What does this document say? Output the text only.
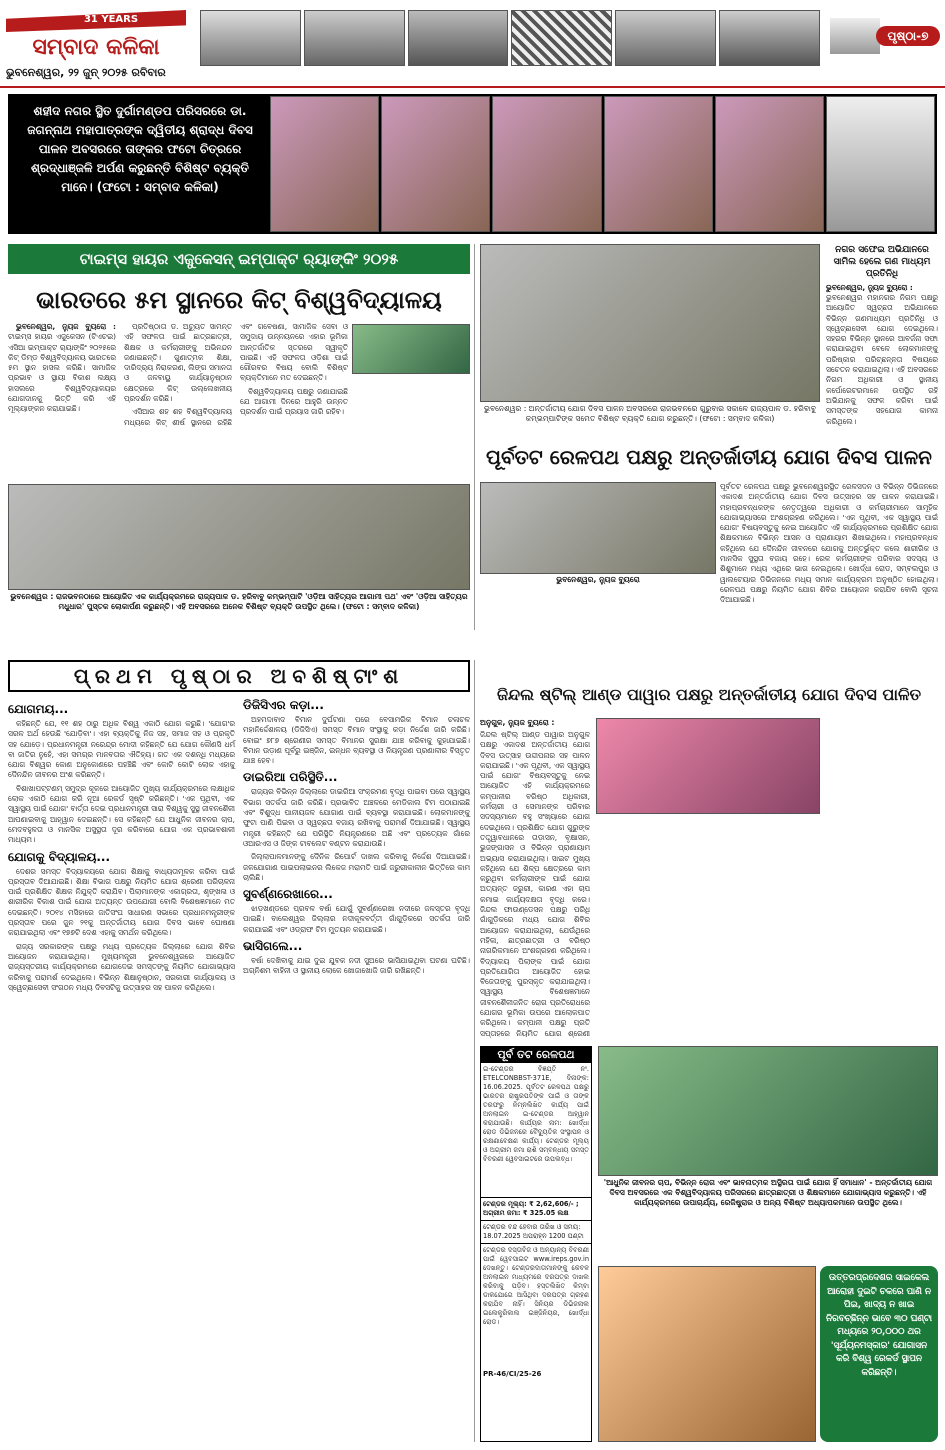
31 YEARS
ସମ୍ବାଦ କଳିକା
ଭୁବନେଶ୍ୱର, ୨୨ ଜୁନ୍ ୨୦୨୫ ରବିବାର
ପୃଷ୍ଠା-୭
ଶହୀଦ ନଗର ସ୍ଥିତ ଦୁର୍ଗାମଣ୍ଡପ ପରିସରରେ ଡା. ଜଗନ୍ନାଥ ମହାପାତ୍ରଙ୍କ ଦ୍ୱିତୀୟ ଶ୍ରାଦ୍ଧ ଦିବସ ପାଳନ ଅବସରରେ ତାଙ୍କର ଫଟୋ ଚିତ୍ରରେ ଶ୍ରଦ୍ଧାଞ୍ଜଳି ଅର୍ପଣ କରୁଛନ୍ତି ବିଶିଷ୍ଟ ବ୍ୟକ୍ତି ମାନେ। (ଫଟୋ : ସମ୍ବାଦ କଳିକା)
ଟାଇମ୍ସ ହାୟର ଏଜୁକେସନ୍ ଇମ୍ପାକ୍ଟ ର୍‍ୟାଙ୍କିଂ ୨୦୨୫
ଭାରତରେ ୫ମ ସ୍ଥାନରେ କିଟ୍ ବିଶ୍ୱବିଦ୍ୟାଳୟ

ଭୁବନେଶ୍ୱର, ନ୍ୟୁଜ ବ୍ୟୁରୋ : ଟାଇମ୍ସ ହାୟର ଏଜୁକେସନ (ଟିଏଚଇ) ଏସିଆ ଇମ୍ପାକ୍ଟ ର୍‍ୟାଙ୍କିଂ ୨୦୨୫ରେ କିଟ୍ ଡିମ୍ଡ ବିଶ୍ୱବିଦ୍ୟାଳୟ ଭାରତରେ ୫ମ ସ୍ଥାନ ହାସଲ କରିଛି। ସାମାଜିକ ପ୍ରଭାବ ଓ ସ୍ଥାୟୀ ବିକାଶ ଲକ୍ଷ୍ୟ ହାସଲରେ ବିଶ୍ୱବିଦ୍ୟାଳୟର ଯୋଗଦାନକୁ ଭିତ୍ତି କରି ଏହି ମୂଲ୍ୟାଙ୍କନ କରାଯାଇଛି।

ପ୍ରତିଷ୍ଠାତା ଡ. ଅଚ୍ୟୁତ ସାମନ୍ତ ଏହି ସଫଳତା ପାଇଁ ଛାତ୍ରଛାତ୍ରୀ, ଶିକ୍ଷକ ଓ କର୍ମଚାରୀଙ୍କୁ ଅଭିନନ୍ଦନ ଜଣାଇଛନ୍ତି। ଗୁଣାତ୍ମକ ଶିକ୍ଷା, ଦାରିଦ୍ର୍ୟ ନିରାକରଣ, ଲିଙ୍ଗ ସମାନତା ଓ ଜଳବାୟୁ କାର୍ଯ୍ୟାନୁଷ୍ଠାନ କ୍ଷେତ୍ରରେ କିଟ୍ ଉଲ୍ଲେଖନୀୟ ପ୍ରଦର୍ଶନ କରିଛି।

ଏସିଆର ଶହ ଶହ ବିଶ୍ୱବିଦ୍ୟାଳୟ ମଧ୍ୟରେ କିଟ୍ ଶୀର୍ଷ ସ୍ଥାନରେ ରହିଛି ଏବଂ ଗବେଷଣା, ସାମାଜିକ ସେବା ଓ ସମୁଦାୟ ଉନ୍ନୟନରେ ଏହାର ଭୂମିକା ଆନ୍ତର୍ଜାତିକ ସ୍ତରରେ ସ୍ୱୀକୃତି ପାଇଛି। ଏହି ସଫଳତା ଓଡ଼ିଶା ପାଇଁ ଗୌରବର ବିଷୟ ବୋଲି ବିଶିଷ୍ଟ ବ୍ୟକ୍ତିମାନେ ମତ ଦେଇଛନ୍ତି।

ବିଶ୍ୱବିଦ୍ୟାଳୟ ପକ୍ଷରୁ ଜଣାଯାଇଛି ଯେ ଆଗାମୀ ଦିନରେ ଆହୁରି ଉନ୍ନତ ପ୍ରଦର୍ଶନ ପାଇଁ ପ୍ରୟାସ ଜାରି ରହିବ।

ଭୁବନେଶ୍ୱର : ରାଜଭବନଠାରେ ଆୟୋଜିତ ଏକ କାର୍ଯ୍ୟକ୍ରମରେ ରାଜ୍ୟପାଳ ଡ. ହରିବାବୁ କମ୍ଭମ୍ପାଟି 'ଓଡ଼ିଆ ସାହିତ୍ୟର ଆଗାମୀ ପଥ' ଏବଂ 'ଓଡ଼ିଆ ସାହିତ୍ୟର ମଧୁଧାର' ପୁସ୍ତକ ଲୋକାର୍ପଣ କରୁଛନ୍ତି। ଏହି ଅବସରରେ ଅନେକ ବିଶିଷ୍ଟ ବ୍ୟକ୍ତି ଉପସ୍ଥିତ ଥିଲେ। (ଫଟୋ : ସମ୍ବାଦ କଳିକା)
ଭୁବନେଶ୍ୱର : ଅନ୍ତର୍ଜାତୀୟ ଯୋଗ ଦିବସ ପାଳନ ଅବସରରେ ରାଜଭବନରେ ଗୁରୁବାର ସକାଳେ ରାଜ୍ୟପାଳ ଡ. ହରିବାବୁ କମ୍ଭମ୍ପାଟିଙ୍କ ସମେତ ବିଶିଷ୍ଟ ବ୍ୟକ୍ତି ଯୋଗ କରୁଛନ୍ତି। (ଫଟୋ : ସମ୍ବାଦ କଳିକା)
ନଗର ସଫେଇ ଅଭିଯାନରେ ସାମିଲ ହେଲେ ଗଣ ମାଧ୍ୟମ ପ୍ରତିନିଧି
ଭୁବନେଶ୍ୱର, ନ୍ୟୁଜ ବ୍ୟୁରୋ :
ଭୁବନେଶ୍ୱର ମହାନଗର ନିଗମ ପକ୍ଷରୁ ଆୟୋଜିତ ସ୍ୱଚ୍ଛତା ଅଭିଯାନରେ ବିଭିନ୍ନ ଗଣମାଧ୍ୟମ ପ୍ରତିନିଧି ଓ ସ୍ୱେଚ୍ଛାସେବୀ ଯୋଗ ଦେଇଥିଲେ। ସହରର ବିଭିନ୍ନ ସ୍ଥାନରେ ଆବର୍ଜନା ସଫା କରାଯାଇଥିବା ବେଳେ ଲୋକମାନଙ୍କୁ ପରିଷ୍କାର ପରିଚ୍ଛନ୍ନତା ବିଷୟରେ ସଚେତନ କରାଯାଇଥିଲା। ଏହି ଅବସରରେ ନିଗମ ଅଧିକାରୀ ଓ ସ୍ଥାନୀୟ କର୍ପୋରେଟରମାନେ ଉପସ୍ଥିତ ରହି ଅଭିଯାନକୁ ସଫଳ କରିବା ପାଇଁ ସମସ୍ତଙ୍କ ସହଯୋଗ କାମନା କରିଥିଲେ।
ପୂର୍ବତଟ ରେଳପଥ ପକ୍ଷରୁ ଅନ୍ତର୍ଜାତୀୟ ଯୋଗ ଦିବସ ପାଳନ
ଭୁବନେଶ୍ୱର, ନ୍ୟୁଜ ବ୍ୟୁରୋ
ପୂର୍ବତଟ ରେଳପଥ ପକ୍ଷରୁ ଭୁବନେଶ୍ୱରସ୍ଥିତ ରେଳସଦନ ଓ ବିଭିନ୍ନ ଡିଭିଜନରେ ଏକାଦଶ ଅନ୍ତର୍ଜାତୀୟ ଯୋଗ ଦିବସ ଉତ୍ସାହର ସହ ପାଳନ କରାଯାଇଛି। ମହାପ୍ରବନ୍ଧକଙ୍କ ନେତୃତ୍ୱରେ ଅଧିକାରୀ ଓ କର୍ମଚାରୀମାନେ ସାମୂହିକ ଯୋଗାଭ୍ୟାସରେ ଅଂଶଗ୍ରହଣ କରିଥିଲେ। 'ଏକ ପୃଥିବୀ, ଏକ ସ୍ୱାସ୍ଥ୍ୟ ପାଇଁ ଯୋଗ' ବିଷୟବସ୍ତୁକୁ ନେଇ ଆୟୋଜିତ ଏହି କାର୍ଯ୍ୟକ୍ରମରେ ପ୍ରଶିକ୍ଷିତ ଯୋଗ ଶିକ୍ଷକମାନେ ବିଭିନ୍ନ ଆସନ ଓ ପ୍ରାଣାୟାମ ଶିଖାଇଥିଲେ। ମହାପ୍ରବନ୍ଧକ କହିଥିଲେ ଯେ ଦୈନନ୍ଦିନ ଜୀବନରେ ଯୋଗକୁ ଅନ୍ତର୍ଭୁକ୍ତ କଲେ ଶାରୀରିକ ଓ ମାନସିକ ସୁସ୍ଥତା ବଜାୟ ରହେ। ରେଳ କର୍ମଚାରୀଙ୍କ ପରିବାର ସଦସ୍ୟ ଓ ଶିଶୁମାନେ ମଧ୍ୟ ଏଥିରେ ଭାଗ ନେଇଥିଲେ। ଖୋର୍ଦ୍ଧା ରୋଡ, ସମ୍ବଲପୁର ଓ ୱାଲଟେୟାର ଡିଭିଜନରେ ମଧ୍ୟ ସମାନ କାର୍ଯ୍ୟକ୍ରମ ଅନୁଷ୍ଠିତ ହୋଇଥିଲା। ରେଳପଥ ପକ୍ଷରୁ ନିୟମିତ ଯୋଗ ଶିବିର ଆୟୋଜନ କରାଯିବ ବୋଲି ସୂଚନା ଦିଆଯାଇଛି।
ପ୍ରଥମ ପୃଷ୍ଠାର ଅବଶିଷ୍ଟାଂଶ
ଯୋଗମୟ...

କହିଛନ୍ତି ଯେ, ୧୧ ଶହ ଠାରୁ ଅଧିକ ବିଶ୍ୱ ଏକାଠି ଯୋଗ କରୁଛି। 'ଯୋଗ'ର ସରଳ ଅର୍ଥ ହେଉଛି 'ଯୋଡ଼ିବା'। ଏହା ବ୍ୟକ୍ତିକୁ ନିଜ ସହ, ସମାଜ ସହ ଓ ପ୍ରକୃତି ସହ ଯୋଡ଼େ। ପ୍ରଧାନମନ୍ତ୍ରୀ ନରେନ୍ଦ୍ର ମୋଦୀ କହିଛନ୍ତି ଯେ ଯୋଗ କୌଣସି ଧର୍ମ ବା ଜାତିର ନୁହେଁ, ଏହା ସମଗ୍ର ମାନବତାର ଐତିହ୍ୟ। ଗତ ଏକ ଦଶନ୍ଧି ମଧ୍ୟରେ ଯୋଗ ବିଶ୍ୱର କୋଣ ଅନୁକୋଣରେ ପହଞ୍ଚିଛି ଏବଂ କୋଟି କୋଟି ଲୋକ ଏହାକୁ ଦୈନନ୍ଦିନ ଜୀବନର ଅଂଶ କରିଛନ୍ତି।

ବିଶାଖାପଟ୍ଟଣମ୍ ସମୁଦ୍ର କୂଳରେ ଆୟୋଜିତ ମୁଖ୍ୟ କାର୍ଯ୍ୟକ୍ରମରେ ଲକ୍ଷାଧିକ ଲୋକ ଏକାଠି ଯୋଗ କରି ନୂଆ ରେକର୍ଡ ସୃଷ୍ଟି କରିଛନ୍ତି। 'ଏକ ପୃଥିବୀ, ଏକ ସ୍ୱାସ୍ଥ୍ୟ ପାଇଁ ଯୋଗ' ବାର୍ତ୍ତା ଦେଇ ପ୍ରଧାନମନ୍ତ୍ରୀ ସାରା ବିଶ୍ୱକୁ ସୁସ୍ଥ ଜୀବନଶୈଳୀ ଆପଣାଇବାକୁ ଆହ୍ୱାନ ଦେଇଛନ୍ତି। ସେ କହିଛନ୍ତି ଯେ ଆଧୁନିକ ଜୀବନର ଚାପ, ମେଦବହୁଳତା ଓ ମାନସିକ ଅସୁସ୍ଥତା ଦୂର କରିବାରେ ଯୋଗ ଏକ ପ୍ରଭାବଶାଳୀ ମାଧ୍ୟମ।

ଯୋଗକୁ ବିଦ୍ୟାଳୟ...

ଦେଶର ସମସ୍ତ ବିଦ୍ୟାଳୟରେ ଯୋଗ ଶିକ୍ଷାକୁ ବାଧ୍ୟତାମୂଳକ କରିବା ପାଇଁ ପ୍ରସ୍ତାବ ଦିଆଯାଇଛି। ଶିକ୍ଷା ବିଭାଗ ପକ୍ଷରୁ ନିୟମିତ ଯୋଗ ଶ୍ରେଣୀ ପରିଚାଳନା ପାଇଁ ପ୍ରଶିକ୍ଷିତ ଶିକ୍ଷକ ନିଯୁକ୍ତି କରାଯିବ। ପିଲାମାନଙ୍କ ଏକାଗ୍ରତା, ଶୃଙ୍ଖଳା ଓ ଶାରୀରିକ ବିକାଶ ପାଇଁ ଯୋଗ ଅତ୍ୟନ୍ତ ଉପଯୋଗୀ ବୋଲି ବିଶେଷଜ୍ଞମାନେ ମତ ଦେଇଛନ୍ତି। ୨୦୧୪ ମସିହାରେ ଜାତିସଂଘ ସାଧାରଣ ସଭାରେ ପ୍ରଧାନମନ୍ତ୍ରୀଙ୍କ ପ୍ରସ୍ତାବ ପରେ ଜୁନ ୨୧କୁ ଅନ୍ତର୍ଜାତୀୟ ଯୋଗ ଦିବସ ଭାବେ ଘୋଷଣା କରାଯାଇଥିଲା ଏବଂ ୧୭୭ଟି ଦେଶ ଏହାକୁ ସମର୍ଥନ କରିଥିଲେ।

ରାଜ୍ୟ ସରକାରଙ୍କ ପକ୍ଷରୁ ମଧ୍ୟ ପ୍ରତ୍ୟେକ ଜିଲ୍ଲାରେ ଯୋଗ ଶିବିର ଆୟୋଜନ କରାଯାଇଥିଲା। ମୁଖ୍ୟମନ୍ତ୍ରୀ ଭୁବନେଶ୍ୱରରେ ଆୟୋଜିତ ରାଜ୍ୟସ୍ତରୀୟ କାର୍ଯ୍ୟକ୍ରମରେ ଯୋଗଦେଇ ସମସ୍ତଙ୍କୁ ନିୟମିତ ଯୋଗାଭ୍ୟାସ କରିବାକୁ ପରାମର୍ଶ ଦେଇଥିଲେ। ବିଭିନ୍ନ ଶିକ୍ଷାନୁଷ୍ଠାନ, ସରକାରୀ କାର୍ଯ୍ୟାଳୟ ଓ ସ୍ୱେଚ୍ଛାସେବୀ ସଂଗଠନ ମଧ୍ୟ ଦିବସଟିକୁ ଉତ୍ସାହର ସହ ପାଳନ କରିଥିଲେ।

ଡିଜିସିଏର କଡ଼ା...

ଅହମଦାବାଦ ବିମାନ ଦୁର୍ଘଟଣା ପରେ ବେସାମରିକ ବିମାନ ଚଳାଚଳ ମହାନିର୍ଦ୍ଦେଶାଳୟ (ଡିଜିସିଏ) ସମସ୍ତ ବିମାନ ସଂସ୍ଥାକୁ କଡ଼ା ନିର୍ଦ୍ଦେଶ ଜାରି କରିଛି। ବୋଇଂ ୭୮୭ ଶ୍ରେଣୀର ସମସ୍ତ ବିମାନର ସୁରକ୍ଷା ଯାଞ୍ଚ କରିବାକୁ କୁହାଯାଇଛି। ବିମାନ ଉଡ଼ାଣ ପୂର୍ବରୁ ଇଞ୍ଜିନ, ଇନ୍ଧନ ବ୍ୟବସ୍ଥା ଓ ନିୟନ୍ତ୍ରଣ ପ୍ରଣାଳୀର ବିସ୍ତୃତ ଯାଞ୍ଚ ହେବ।

ଡାଇରିଆ ପରିସ୍ଥିତି...

ରାଜ୍ୟର ବିଭିନ୍ନ ଜିଲ୍ଲାରେ ଡାଇରିଆ ସଂକ୍ରମଣ ବୃଦ୍ଧି ପାଇବା ପରେ ସ୍ୱାସ୍ଥ୍ୟ ବିଭାଗ ସତର୍କତା ଜାରି କରିଛି। ପ୍ରଭାବିତ ଅଞ୍ଚଳରେ ମେଡିକାଲ ଟିମ ପଠାଯାଇଛି ଏବଂ ବିଶୁଦ୍ଧ ପାନୀୟଜଳ ଯୋଗାଣ ପାଇଁ ବ୍ୟବସ୍ଥା କରାଯାଇଛି। ଲୋକମାନଙ୍କୁ ଫୁଟା ପାଣି ପିଇବା ଓ ସ୍ୱଚ୍ଛତା ବଜାୟ ରଖିବାକୁ ପରାମର୍ଶ ଦିଆଯାଇଛି। ସ୍ୱାସ୍ଥ୍ୟ ମନ୍ତ୍ରୀ କହିଛନ୍ତି ଯେ ପରିସ୍ଥିତି ନିୟନ୍ତ୍ରଣରେ ଅଛି ଏବଂ ପ୍ରତ୍ୟେକ ଗାଁରେ ଓଆରଏସ ଓ ଜିଙ୍କ ଟାବଲେଟ ବଣ୍ଟନ କରାଯାଉଛି।

ଜିଲ୍ଲାପାଳମାନଙ୍କୁ ଦୈନିକ ରିପୋର୍ଟ ଦାଖଲ କରିବାକୁ ନିର୍ଦ୍ଦେଶ ଦିଆଯାଇଛି। ଜଳଯୋଗାଣ ପାଇପଲାଇନର ଲିକେଜ ମରାମତି ପାଇଁ ଜରୁରୀକାଳୀନ ଭିତ୍ତିରେ କାମ ଚାଲିଛି।

ସୁବର୍ଣ୍ଣରେଖାରେ...

ଝାଡ଼ଖଣ୍ଡରେ ପ୍ରବଳ ବର୍ଷା ଯୋଗୁଁ ସୁବର୍ଣ୍ଣରେଖା ନଦୀରେ ଜଳସ୍ତର ବୃଦ୍ଧି ପାଇଛି। ବାଲେଶ୍ୱର ଜିଲ୍ଲାର ନଦୀକୂଳବର୍ତ୍ତୀ ଗାଁଗୁଡ଼ିକରେ ସତର୍କତା ଜାରି କରାଯାଇଛି ଏବଂ ଓଡ୍ରାଫ ଟିମ ମୁତୟନ କରାଯାଇଛି।

ଭାସିଗଲେ...

ବର୍ଷା ଦେଖିବାକୁ ଯାଇ ଦୁଇ ଯୁବକ ନଦୀ ସୁଅରେ ଭାସିଯାଇଥିବା ଘଟଣା ଘଟିଛି। ଅଗ୍ନିଶମ ବାହିନୀ ଓ ସ୍ଥାନୀୟ ଲୋକେ ଖୋଜାଖୋଜି ଜାରି ରଖିଛନ୍ତି।

ଜିନ୍ଦଲ ଷ୍ଟିଲ୍ ଆଣ୍ଡ ପାୱାର ପକ୍ଷରୁ ଅନ୍ତର୍ଜାତୀୟ ଯୋଗ ଦିବସ ପାଳିତ
ଅନୁଗୁଳ, ନ୍ୟୁଜ ବ୍ୟୁରୋ :
ଜିନ୍ଦଲ ଷ୍ଟିଲ୍ ଆଣ୍ଡ ପାୱାର ଅନୁଗୁଳ ପକ୍ଷରୁ ଏକାଦଶ ଅନ୍ତର୍ଜାତୀୟ ଯୋଗ ଦିବସ ଉତ୍ସାହ ଉଦ୍ଦୀପନାର ସହ ପାଳନ କରାଯାଇଛି। 'ଏକ ପୃଥିବୀ, ଏକ ସ୍ୱାସ୍ଥ୍ୟ ପାଇଁ ଯୋଗ' ବିଷୟବସ୍ତୁକୁ ନେଇ ଆୟୋଜିତ ଏହି କାର୍ଯ୍ୟକ୍ରମରେ କମ୍ପାନୀର ବରିଷ୍ଠ ଅଧିକାରୀ, କର୍ମଚାରୀ ଓ ସେମାନଙ୍କ ପରିବାର ସଦସ୍ୟମାନେ ବହୁ ସଂଖ୍ୟାରେ ଯୋଗ ଦେଇଥିଲେ। ପ୍ରଶିକ୍ଷିତ ଯୋଗ ଗୁରୁଙ୍କ ତତ୍ତ୍ୱାବଧାନରେ ତାଡ଼ାସନ, ବୃକ୍ଷାସନ, ଭୁଜଙ୍ଗାସନ ଓ ବିଭିନ୍ନ ପ୍ରାଣାୟାମ ଅଭ୍ୟାସ କରାଯାଇଥିଲା। ସାଇଟ ମୁଖ୍ୟ କହିଥିଲେ ଯେ ଶିଳ୍ପ କ୍ଷେତ୍ରରେ କାମ କରୁଥିବା କର୍ମଚାରୀଙ୍କ ପାଇଁ ଯୋଗ ଅତ୍ୟନ୍ତ ଜରୁରୀ, କାରଣ ଏହା ଚାପ କମାଇ କାର୍ଯ୍ୟଦକ୍ଷତା ବୃଦ୍ଧି କରେ। ଜିନ୍ଦଲ ଫାଉଣ୍ଡେସନ ପକ୍ଷରୁ ପରିଧି ଗାଁଗୁଡ଼ିକରେ ମଧ୍ୟ ଯୋଗ ଶିବିର ଆୟୋଜନ କରାଯାଇଥିଲା, ଯେଉଁଥିରେ ମହିଳା, ଛାତ୍ରଛାତ୍ରୀ ଓ ବରିଷ୍ଠ ନାଗରିକମାନେ ଅଂଶଗ୍ରହଣ କରିଥିଲେ। ବିଦ୍ୟାଳୟ ପିଲାଙ୍କ ପାଇଁ ଯୋଗ ପ୍ରତିଯୋଗିତା ଆୟୋଜିତ ହୋଇ ବିଜେତାଙ୍କୁ ପୁରସ୍କୃତ କରାଯାଇଥିଲା। ସ୍ୱାସ୍ଥ୍ୟ ବିଶେଷଜ୍ଞମାନେ ଜୀବନଶୈଳୀଜନିତ ରୋଗ ପ୍ରତିରୋଧରେ ଯୋଗର ଭୂମିକା ଉପରେ ଆଲୋକପାତ କରିଥିଲେ। କମ୍ପାନୀ ପକ୍ଷରୁ ପ୍ରତି ସପ୍ତାହରେ ନିୟମିତ ଯୋଗ ଶ୍ରେଣୀ
ପୂର୍ବ ତଟ ରେଳପଥ
ଇ-ଟେଣ୍ଡର ବିଜ୍ଞପ୍ତି ନଂ. ETELCONBBST-371E, ଦିନାଙ୍କ: 16.06.2025. ପୂର୍ବତଟ ରେଳପଥ ପକ୍ଷରୁ ଭାରତର ରାଷ୍ଟ୍ରପତିଙ୍କ ପାଇଁ ଓ ତାଙ୍କ ତରଫରୁ ନିମ୍ନଲିଖିତ କାର୍ଯ୍ୟ ପାଇଁ ଅନଲାଇନ ଇ-ଟେଣ୍ଡର ଆହ୍ୱାନ କରାଯାଉଛି। କାର୍ଯ୍ୟର ନାମ: ଖୋର୍ଦ୍ଧା ରୋଡ ଡିଭିଜନରେ ବୈଦ୍ୟୁତିକ ସଂସ୍ଥାପନ ଓ ରକ୍ଷଣାବେକ୍ଷଣ କାର୍ଯ୍ୟ। ଟେଣ୍ଡର ମୂଲ୍ୟ ଓ ଅଗ୍ରୀମ ଜମା ରାଶି ସମ୍ବନ୍ଧୀୟ ସମସ୍ତ ବିବରଣୀ ୱେବସାଇଟରେ ଉପଲବ୍ଧ।
ଟେଣ୍ଡର ମୂଲ୍ୟ: ₹ 2,62,606/- ; ଅଗ୍ରୀମ ଜମା: ₹ 325.05 ଲକ୍ଷ
ଟେଣ୍ଡର ବନ୍ଦ ହେବାର ତାରିଖ ଓ ସମୟ: 18.07.2025 ଅପରାହ୍ନ 1200 ଘଣ୍ଟା
ଟେଣ୍ଡର ଦସ୍ତାବିଜ ଓ ଅନ୍ୟାନ୍ୟ ବିବରଣୀ ପାଇଁ ୱେବସାଇଟ www.ireps.gov.in ଦେଖନ୍ତୁ। ଟେଣ୍ଡରଦାତାମାନଙ୍କୁ କେବଳ ଅନଲାଇନ ମାଧ୍ୟମରେ ଦରପତ୍ର ଦାଖଲ କରିବାକୁ ପଡ଼ିବ। ହସ୍ତଲିଖିତ କିମ୍ବା ଡାକଯୋଗେ ଆସିଥିବା ଦରପତ୍ର ଗ୍ରହଣ କରାଯିବ ନାହିଁ। ସିନିୟର ଡିଭିଜନାଲ ଇଲେକ୍ଟ୍ରିକାଲ ଇଞ୍ଜିନିୟର, ଖୋର୍ଦ୍ଧା ରୋଡ।
PR-46/CI/25-26
'ଆଧୁନିକ ଜୀବନର ଚାପ, ବିଭିନ୍ନ ରୋଗ ଏବଂ ଭାବନାତ୍ମକ ଅସ୍ଥିରତା ପାଇଁ ଯୋଗ ହିଁ ସମାଧାନ' - ଅନ୍ତର୍ଜାତୀୟ ଯୋଗ ଦିବସ ଅବସରରେ ଏକ ବିଶ୍ୱବିଦ୍ୟାଳୟ ପରିସରରେ ଛାତ୍ରଛାତ୍ରୀ ଓ ଶିକ୍ଷକମାନେ ଯୋଗାଭ୍ୟାସ କରୁଛନ୍ତି। ଏହି କାର୍ଯ୍ୟକ୍ରମରେ ଉପାଚାର୍ଯ୍ୟ, ରେଜିଷ୍ଟ୍ରାର ଓ ଅନ୍ୟ ବିଶିଷ୍ଟ ଅଧ୍ୟାପକମାନେ ଉପସ୍ଥିତ ଥିଲେ।
ଉତ୍ତରପ୍ରଦେଶର ସାଇକେଲ ଆରୋହୀ ଦୁଇଟି ଚକରେ ପାଣି ନ ପିଇ, ଖାଦ୍ୟ ନ ଖାଇ ନିରବଚ୍ଛିନ୍ନ ଭାବେ ୩୦ ଘଣ୍ଟା ମଧ୍ୟରେ ୨୦,୦୦୦ ଥର 'ସୂର୍ଯ୍ୟନମସ୍କାର' ଯୋଗାସନ କରି ବିଶ୍ୱ ରେକର୍ଡ ସ୍ଥାପନ କରିଛନ୍ତି।
